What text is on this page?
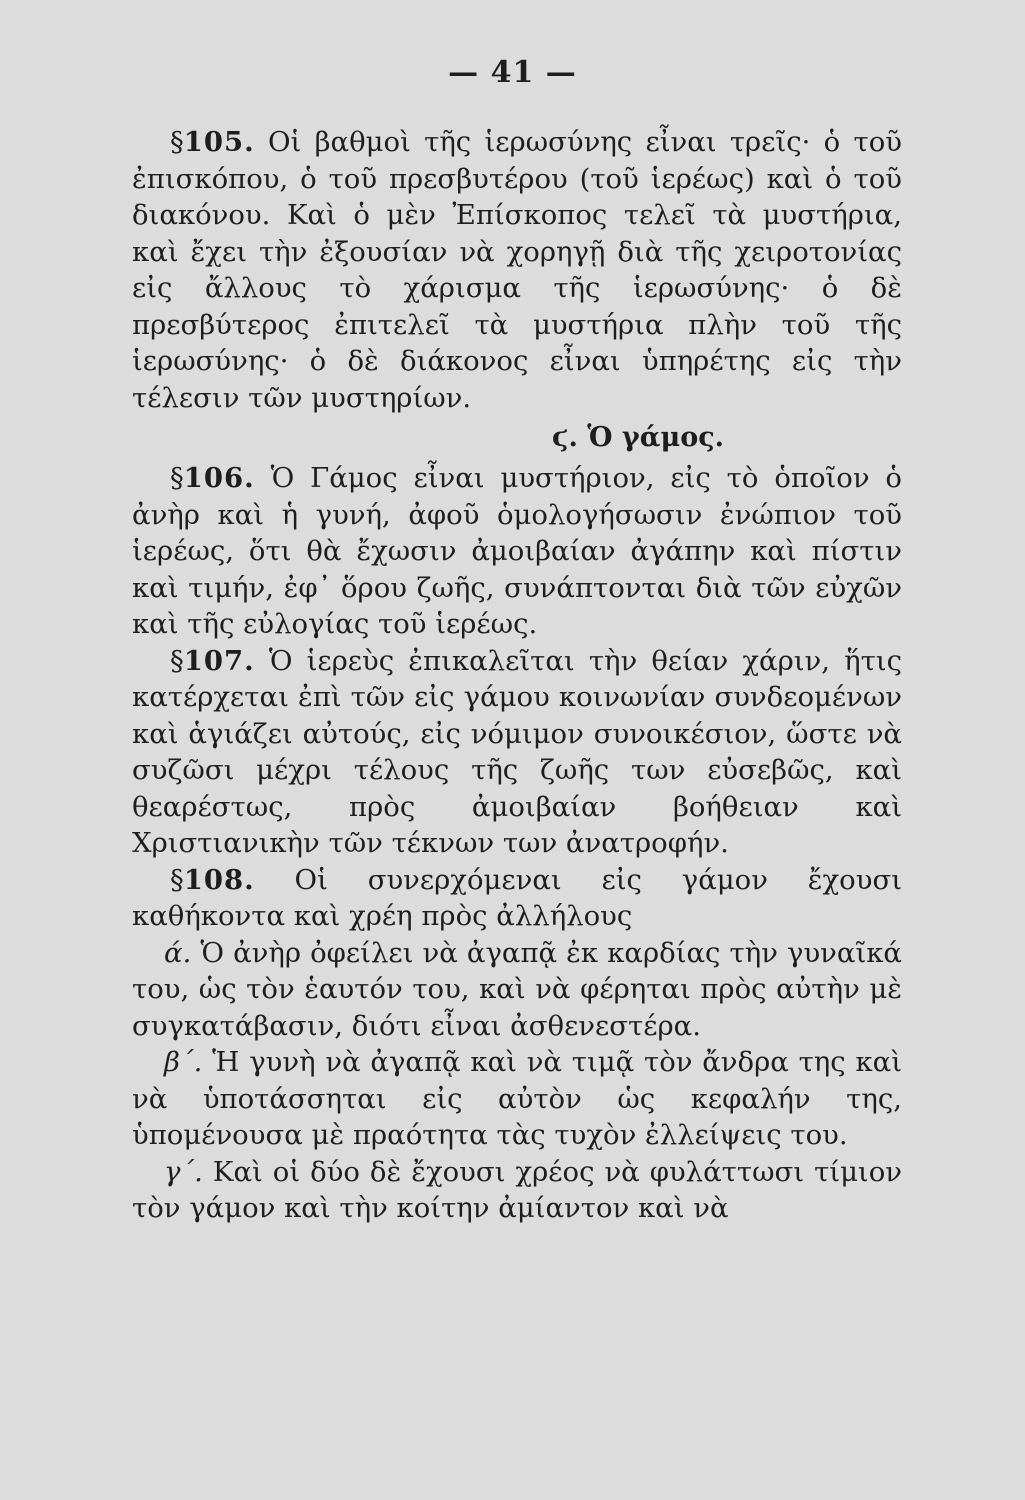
— 41 —

§105. Οἱ βαθμοὶ τῆς ἱερωσύνης εἶναι τρεῖς· ὁ τοῦ ἐπισκόπου, ὁ τοῦ πρεσβυτέρου (τοῦ ἱερέως) καὶ ὁ τοῦ διακόνου. Καὶ ὁ μὲν Ἐπίσκοπος τελεῖ τὰ μυστήρια, καὶ ἔχει τὴν ἐξουσίαν νὰ χορηγῇ διὰ τῆς χειροτονίας εἰς ἄλλους τὸ χάρισμα τῆς ἱερωσύνης· ὁ δὲ πρεσβύτερος ἐπιτελεῖ τὰ μυστήρια πλὴν τοῦ τῆς ἱερωσύνης· ὁ δὲ διάκονος εἶναι ὑπηρέτης εἰς τὴν τέλεσιν τῶν μυστηρίων.

ϛ. Ὁ γάμος.

§106. Ὁ Γάμος εἶναι μυστήριον, εἰς τὸ ὁποῖον ὁ ἀνὴρ καὶ ἡ γυνή, ἀφοῦ ὁμολογήσωσιν ἐνώπιον τοῦ ἱερέως, ὅτι θὰ ἔχωσιν ἀμοιβαίαν ἀγάπην καὶ πίστιν καὶ τιμήν, ἐφ᾽ ὅρου ζωῆς, συνάπτονται διὰ τῶν εὐχῶν καὶ τῆς εὐλογίας τοῦ ἱερέως.

§107. Ὁ ἱερεὺς ἐπικαλεῖται τὴν θείαν χάριν, ἥτις κατέρχεται ἐπὶ τῶν εἰς γάμου κοινωνίαν συνδεομένων καὶ ἁγιάζει αὐτούς, εἰς νόμιμον συνοικέσιον, ὥστε νὰ συζῶσι μέχρι τέλους τῆς ζωῆς των εὐσεβῶς, καὶ θεαρέστως, πρὸς ἀμοιβαίαν βοήθειαν καὶ Χριστιανικὴν τῶν τέκνων των ἀνατροφήν.

§108. Οἱ συνερχόμεναι εἰς γάμον ἔχουσι καθήκοντα καὶ χρέη πρὸς ἀλλήλους

ά. Ὁ ἀνὴρ ὀφείλει νὰ ἀγαπᾷ ἐκ καρδίας τὴν γυναῖκά του, ὡς τὸν ἑαυτόν του, καὶ νὰ φέρηται πρὸς αὐτὴν μὲ συγκατάβασιν, διότι εἶναι ἀσθενεστέρα.

β΄. Ἡ γυνὴ νὰ ἀγαπᾷ καὶ νὰ τιμᾷ τὸν ἄνδρα της καὶ νὰ ὑποτάσσηται εἰς αὐτὸν ὡς κεφαλήν της, ὑπομένουσα μὲ πραότητα τὰς τυχὸν ἐλλείψεις του.

γ΄. Καὶ οἱ δύο δὲ ἔχουσι χρέος νὰ φυλάττωσι τίμιον τὸν γάμον καὶ τὴν κοίτην ἀμίαντον καὶ νὰ
